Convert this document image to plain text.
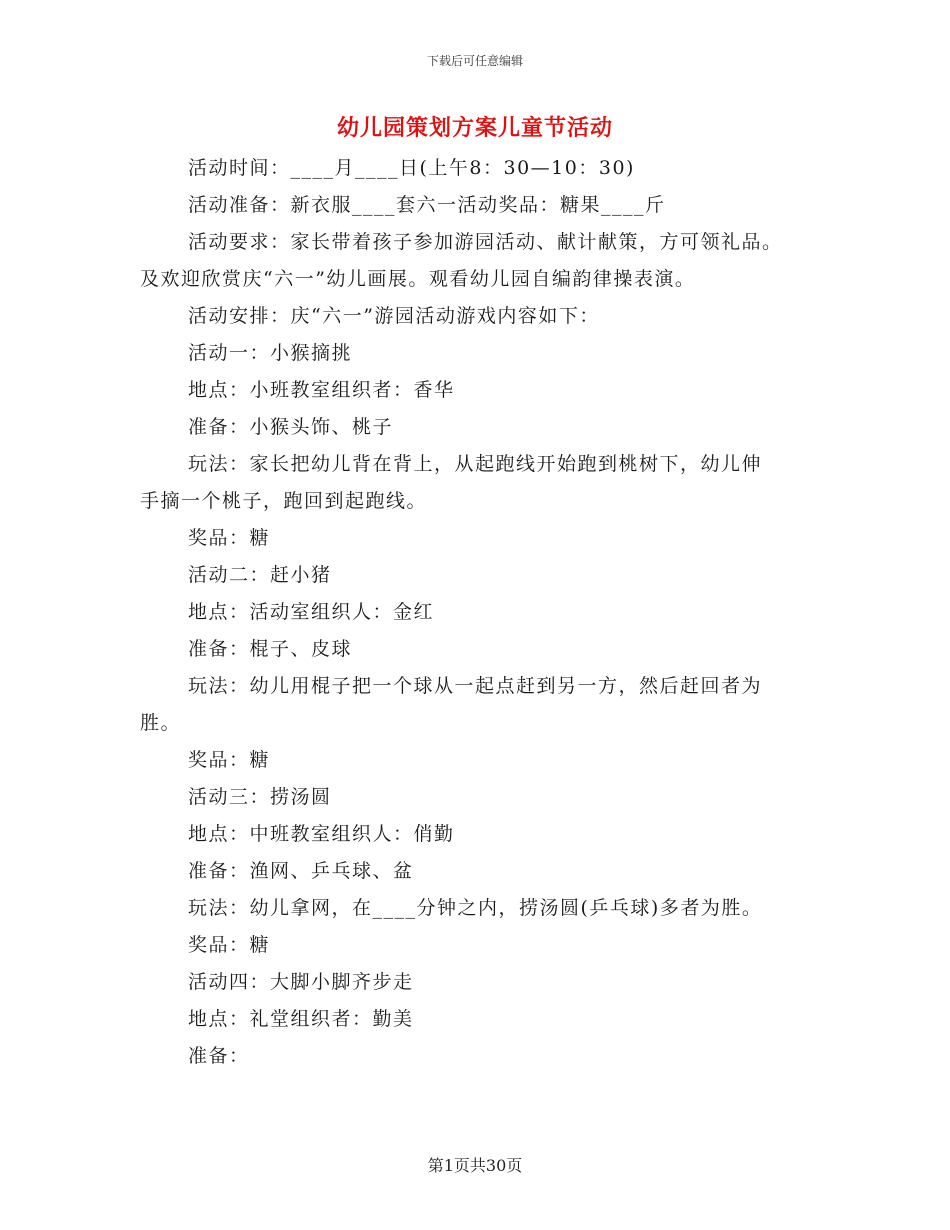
下载后可任意编辑
幼儿园策划方案儿童节活动
活动时间：____月____日(上午8：30—10：30)
活动准备：新衣服____套六一活动奖品：糖果____斤
活动要求：家长带着孩子参加游园活动、献计献策，方可领礼品。
及欢迎欣赏庆“六一”幼儿画展。观看幼儿园自编韵律操表演。
活动安排：庆“六一”游园活动游戏内容如下：
活动一：小猴摘挑
地点：小班教室组织者：香华
准备：小猴头饰、桃子
玩法：家长把幼儿背在背上，从起跑线开始跑到桃树下，幼儿伸
手摘一个桃子，跑回到起跑线。
奖品：糖
活动二：赶小猪
地点：活动室组织人：金红
准备：棍子、皮球
玩法：幼儿用棍子把一个球从一起点赶到另一方，然后赶回者为
胜。
奖品：糖
活动三：捞汤圆
地点：中班教室组织人：俏勤
准备：渔网、乒乓球、盆
玩法：幼儿拿网，在____分钟之内，捞汤圆(乒乓球)多者为胜。
奖品：糖
活动四：大脚小脚齐步走
地点：礼堂组织者：勤美
准备：
第1页共30页
